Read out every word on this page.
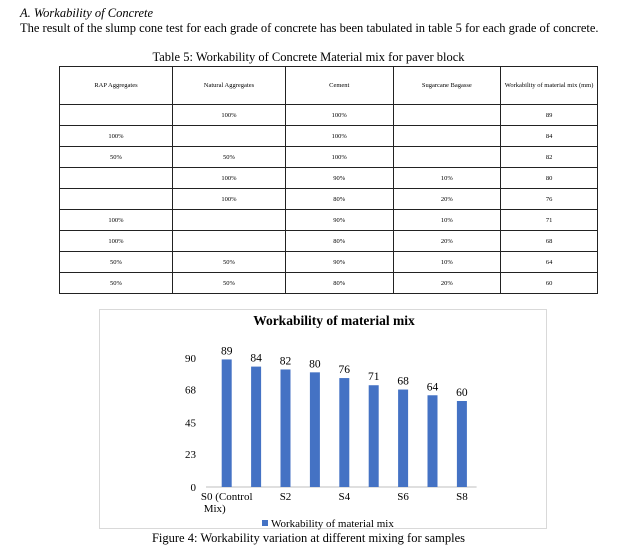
A. Workability of Concrete
The result of the slump cone test for each grade of concrete has been tabulated in table 5 for each grade of concrete.
Table 5: Workability of Concrete Material mix for paver block
RAP Aggregates	Natural Aggregates	Cement	Sugarcane Bagasse	Workability of material mix (mm)
	100%	100%		89
100%		100%		84
50%	50%	100%		82
	100%	90%	10%	80
	100%	80%	20%	76
100%		90%	10%	71
100%		80%	20%	68
50%	50%	90%	10%	64
50%	50%	80%	20%	60
Workability of material mix
0
23
45
68
90
89
84 82 80 76
71 68 64 60
S0 (Control
Mix)
S2	S4	S6	S8
Workability of material mix
Figure 4: Workability variation at different mixing for samples
